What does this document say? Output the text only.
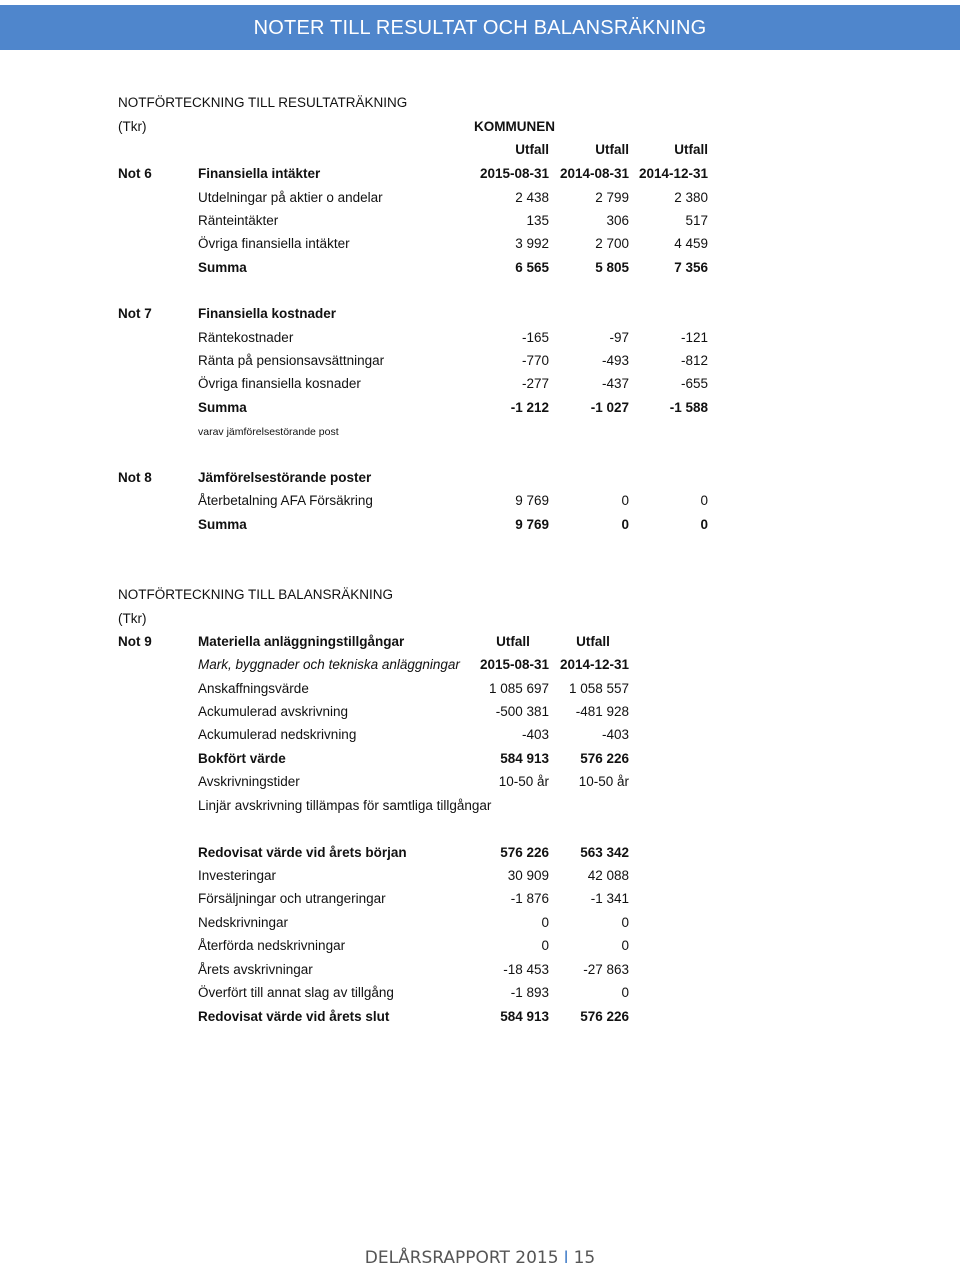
NOTER TILL RESULTAT OCH BALANSRÄKNING
NOTFÖRTECKNING TILL RESULTATRÄKNING
(Tkr)	KOMMUNEN
Utfall	Utfall	Utfall
Not 6	Finansiella intäkter	2015-08-31 2014-08-31 2014-12-31
Utdelningar på aktier o andelar	2 438	2 799	2 380
Ränteintäkter	135	306	517
Övriga finansiella intäkter	3 992	2 700	4 459
Summa	6 565	5 805	7 356
Not 7	Finansiella kostnader
Räntekostnader	-165	-97	-121
Ränta på pensionsavsättningar	-770	-493	-812
Övriga finansiella kosnader	-277	-437	-655
Summa	-1 212	-1 027	-1 588
varav jämförelsestörande post
Not 8	Jämförelsestörande poster
Återbetalning AFA Försäkring	9 769	0	0
Summa	9 769	0	0
NOTFÖRTECKNING TILL BALANSRÄKNING
(Tkr)
Not 9	Materiella anläggningstillgångar	Utfall	Utfall
Mark, byggnader och tekniska anläggningar	2015-08-31 2014-12-31
Anskaffningsvärde	1 085 697	1 058 557
Ackumulerad avskrivning	-500 381	-481 928
Ackumulerad nedskrivning	-403	-403
Bokfört värde	584 913	576 226
Avskrivningstider	10-50 år	10-50 år
Linjär avskrivning tillämpas för samtliga tillgångar
Redovisat värde vid årets början	576 226	563 342
Investeringar	30 909	42 088
Försäljningar och utrangeringar	-1 876	-1 341
Nedskrivningar	0	0
Återförda nedskrivningar	0	0
Årets avskrivningar	-18 453	-27 863
Överfört till annat slag av tillgång	-1 893	0
Redovisat värde vid årets slut	584 913	576 226
DELÅRSRAPPORT 2015 I 15
